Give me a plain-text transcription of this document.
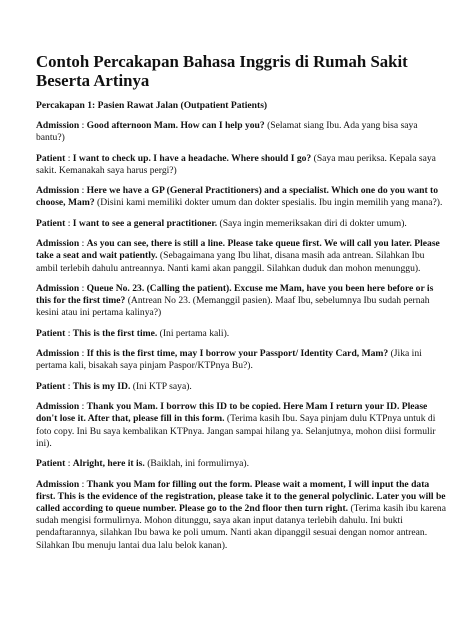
Contoh Percakapan Bahasa Inggris di Rumah Sakit Beserta Artinya
Percakapan 1: Pasien Rawat Jalan (Outpatient Patients)

Admission : Good afternoon Mam. How can I help you? (Selamat siang Ibu. Ada yang bisa saya bantu?)

Patient : I want to check up. I have a headache. Where should I go? (Saya mau periksa. Kepala saya sakit. Kemanakah saya harus pergi?)

Admission : Here we have a GP (General Practitioners) and a specialist. Which one do you want to choose, Mam? (Disini kami memiliki dokter umum dan dokter spesialis. Ibu ingin memilih yang mana?).

Patient : I want to see a general practitioner. (Saya ingin memeriksakan diri di dokter umum).

Admission : As you can see, there is still a line. Please take queue first. We will call you later. Please take a seat and wait patiently. (Sebagaimana yang Ibu lihat, disana masih ada antrean. Silahkan Ibu ambil terlebih dahulu antreannya. Nanti kami akan panggil. Silahkan duduk dan mohon menunggu).

Admission : Queue No. 23. (Calling the patient). Excuse me Mam, have you been here before or is this for the first time? (Antrean No 23. (Memanggil pasien). Maaf Ibu, sebelumnya Ibu sudah pernah kesini atau ini pertama kalinya?)

Patient : This is the first time. (Ini pertama kali).

Admission : If this is the first time, may I borrow your Passport/ Identity Card, Mam? (Jika ini pertama kali, bisakah saya pinjam Paspor/KTPnya Bu?).

Patient : This is my ID. (Ini KTP saya).

Admission : Thank you Mam. I borrow this ID to be copied. Here Mam I return your ID. Please don't lose it. After that, please fill in this form. (Terima kasih Ibu. Saya pinjam dulu KTPnya untuk di foto copy. Ini Bu saya kembalikan KTPnya. Jangan sampai hilang ya. Selanjutnya, mohon diisi formulir ini).

Patient : Alright, here it is. (Baiklah, ini formulirnya).

Admission : Thank you Mam for filling out the form. Please wait a moment, I will input the data first. This is the evidence of the registration, please take it to the general polyclinic. Later you will be called according to queue number. Please go to the 2nd floor then turn right. (Terima kasih ibu karena sudah mengisi formulirnya. Mohon ditunggu, saya akan input datanya terlebih dahulu. Ini bukti pendaftarannya, silahkan Ibu bawa ke poli umum. Nanti akan dipanggil sesuai dengan nomor antrean. Silahkan Ibu menuju lantai dua lalu belok kanan).
